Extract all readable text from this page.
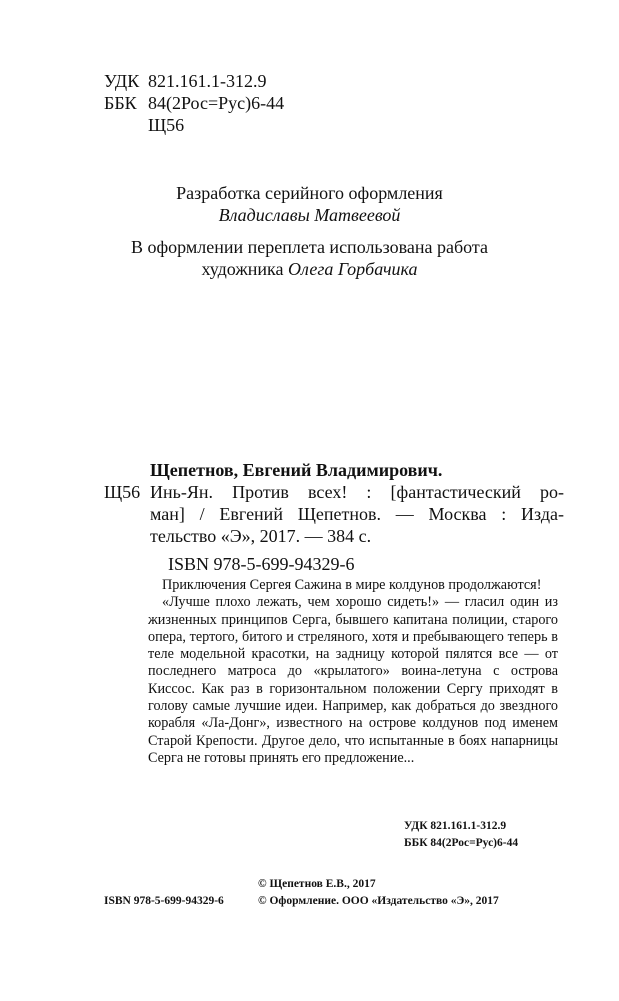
УДК 821.161.1-312.9
ББК 84(2Рос=Рус)6-44
Щ56
Разработка серийного оформления
Владиславы Матвеевой
В оформлении переплета использована работа
художника Олега Горбачика
Щепетнов, Евгений Владимирович.
Щ56 Инь-Ян. Против всех! : [фантастический ро-
ман] / Евгений Щепетнов. — Москва : Изда-
тельство «Э», 2017. — 384 с.
ISBN 978-5-699-94329-6

Приключения Сергея Сажина в мире колдунов продолжаются!

«Лучше плохо лежать, чем хорошо сидеть!» — гласил один из жизненных принципов Серга, бывшего капитана полиции, старого опера, тертого, битого и стреляного, хотя и пребывающего теперь в теле модельной красотки, на задницу которой пялятся все — от последнего матроса до «крылатого» воина-летуна с острова Киссос. Как раз в горизонтальном положении Сергу приходят в голову самые лучшие идеи. Например, как добраться до звездного корабля «Ла-Донг», известного на острове колдунов под именем Старой Крепости. Другое дело, что испытанные в боях напарницы Серга не готовы принять его предложение...

УДК 821.161.1-312.9
ББК 84(2Рос=Рус)6-44
© Щепетнов Е.В., 2017
ISBN 978-5-699-94329-6	© Оформление. ООО «Издательство «Э», 2017
